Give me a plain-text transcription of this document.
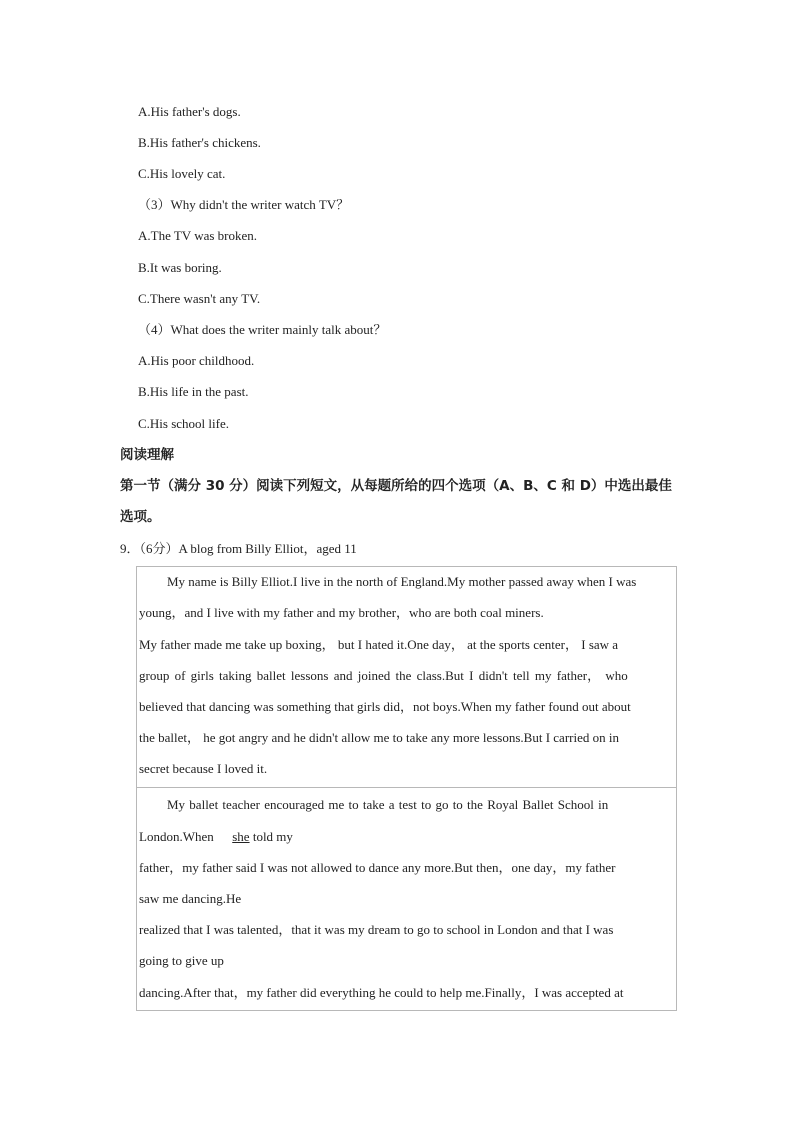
A.His father's dogs.
B.His father's chickens.
C.His lovely cat.
（3）Why didn't the writer watch TV？
A.The TV was broken.
B.It was boring.
C.There wasn't any TV.
（4）What does the writer mainly talk about？
A.His poor childhood.
B.His life in the past.
C.His school life.
阅读理解
第一节（满分 30 分）阅读下列短文，从每题所给的四个选项（A、B、C 和 D）中选出最佳
选项。
9．（6分）A blog from Billy Elliot，aged 11
My name is Billy Elliot.I live in the north of England.My mother passed away when I was
young，and I live with my father and my brother，who are both coal miners.
My father made me take up boxing， but I hated it.One day， at the sports center， I saw a
group of girls taking ballet lessons and joined the class.But I didn't tell my father， who
believed that dancing was something that girls did，not boys.When my father found out about
the ballet， he got angry and he didn't allow me to take any more lessons.But I carried on in
secret because I loved it.
My ballet teacher encouraged me to take a test to go to the Royal Ballet School in
London.When she told my
father，my father said I was not allowed to dance any more.But then，one day，my father
saw me dancing.He
realized that I was talented，that it was my dream to go to school in London and that I was
going to give up
dancing.After that，my father did everything he could to help me.Finally，I was accepted at
